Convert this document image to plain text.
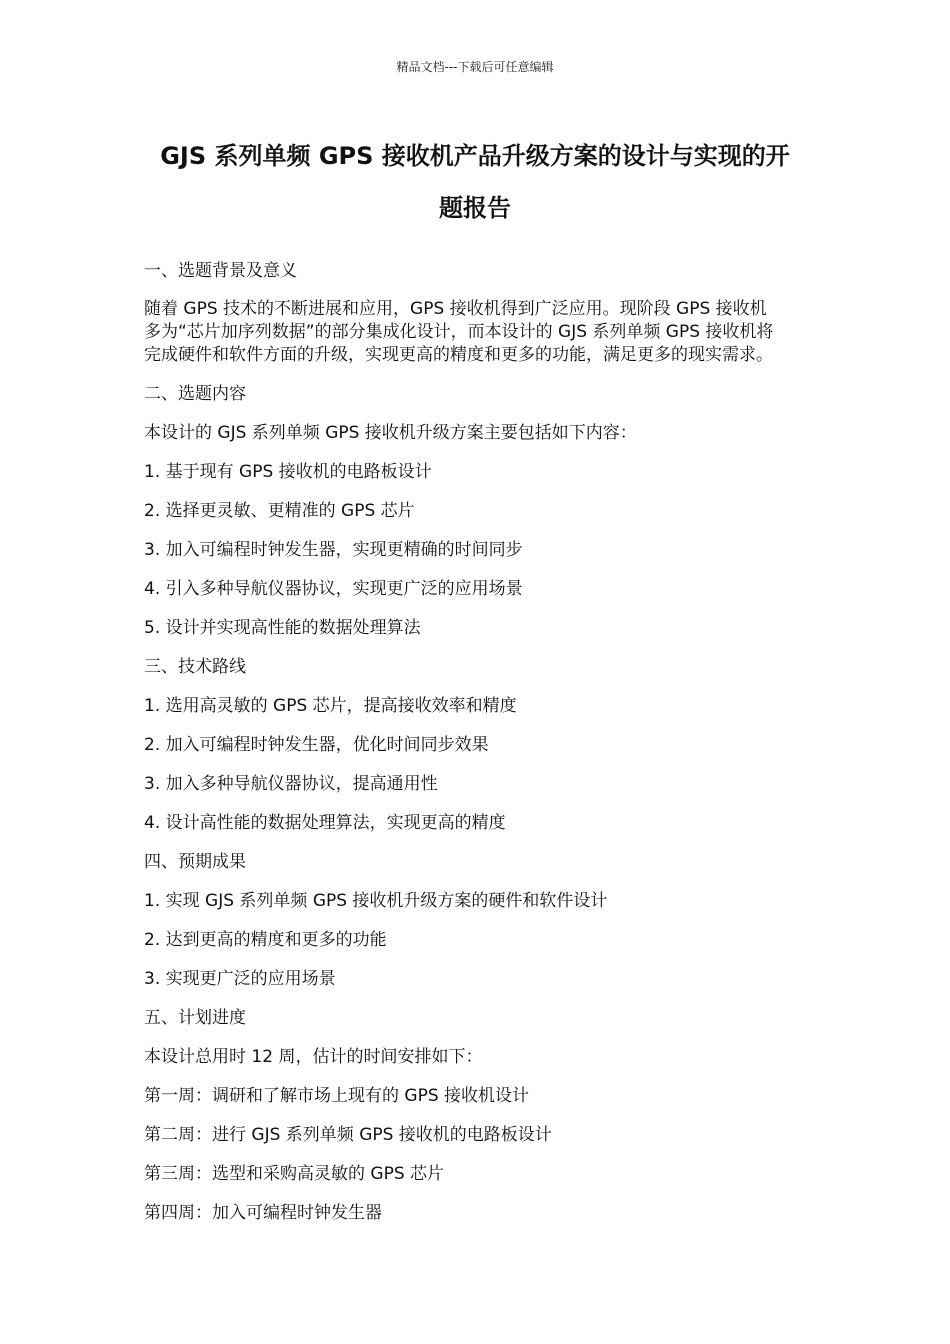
精品文档---下载后可任意编辑
GJS 系列单频 GPS 接收机产品升级方案的设计与实现的开
题报告
一、选题背景及意义
随着 GPS 技术的不断进展和应用，GPS 接收机得到广泛应用。现阶段 GPS 接收机
多为“芯片加序列数据”的部分集成化设计，而本设计的 GJS 系列单频 GPS 接收机将
完成硬件和软件方面的升级，实现更高的精度和更多的功能，满足更多的现实需求。
二、选题内容
本设计的 GJS 系列单频 GPS 接收机升级方案主要包括如下内容：
1. 基于现有 GPS 接收机的电路板设计
2. 选择更灵敏、更精准的 GPS 芯片
3. 加入可编程时钟发生器，实现更精确的时间同步
4. 引入多种导航仪器协议，实现更广泛的应用场景
5. 设计并实现高性能的数据处理算法
三、技术路线
1. 选用高灵敏的 GPS 芯片，提高接收效率和精度
2. 加入可编程时钟发生器，优化时间同步效果
3. 加入多种导航仪器协议，提高通用性
4. 设计高性能的数据处理算法，实现更高的精度
四、预期成果
1. 实现 GJS 系列单频 GPS 接收机升级方案的硬件和软件设计
2. 达到更高的精度和更多的功能
3. 实现更广泛的应用场景
五、计划进度
本设计总用时 12 周，估计的时间安排如下：
第一周：调研和了解市场上现有的 GPS 接收机设计
第二周：进行 GJS 系列单频 GPS 接收机的电路板设计
第三周：选型和采购高灵敏的 GPS 芯片
第四周：加入可编程时钟发生器
